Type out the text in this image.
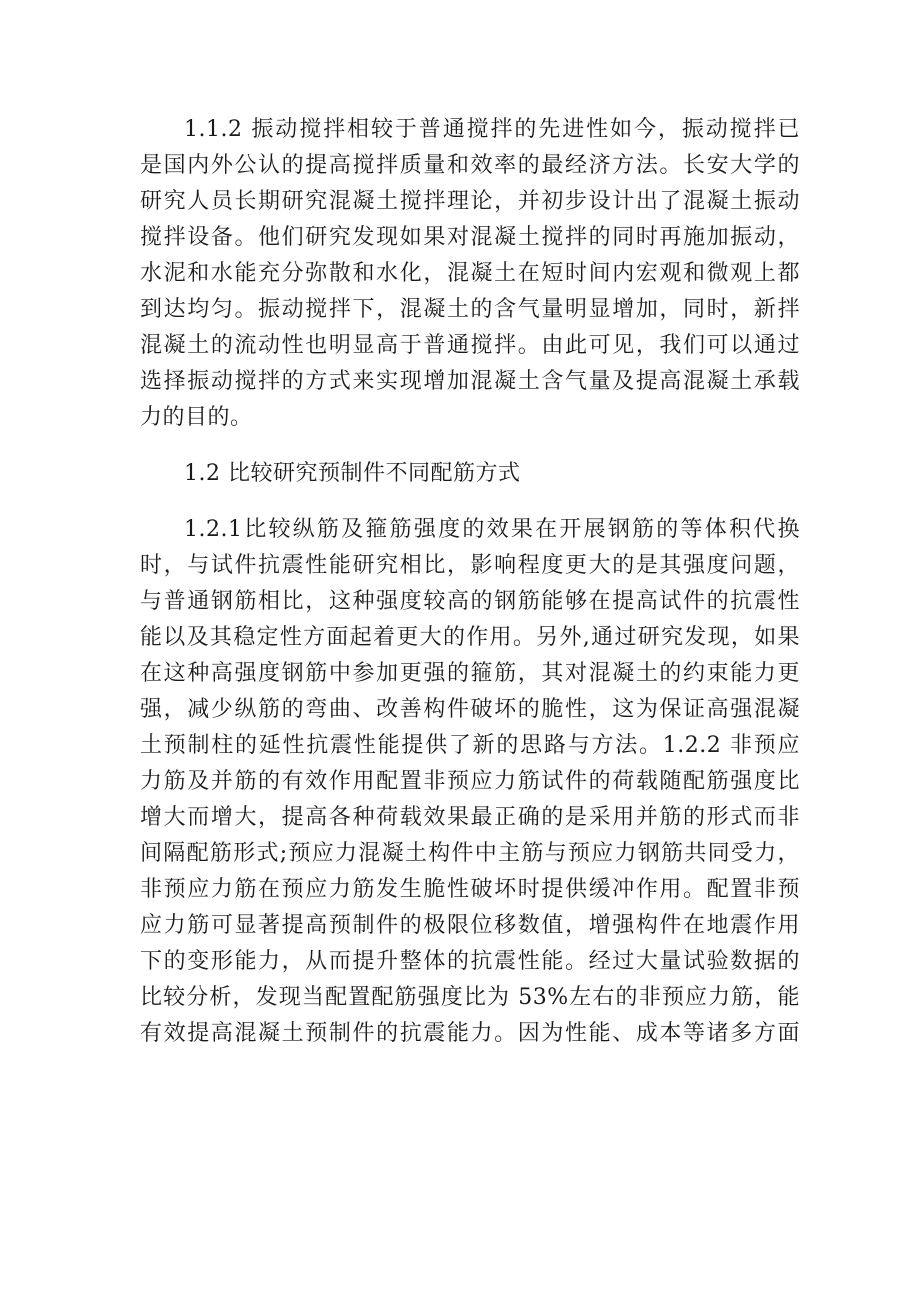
1.1.2 振动搅拌相较于普通搅拌的先进性如今，振动搅拌已
是国内外公认的提高搅拌质量和效率的最经济方法。长安大学的
研究人员长期研究混凝土搅拌理论，并初步设计出了混凝土振动
搅拌设备。他们研究发现如果对混凝土搅拌的同时再施加振动，
水泥和水能充分弥散和水化，混凝土在短时间内宏观和微观上都
到达均匀。振动搅拌下，混凝土的含气量明显增加，同时，新拌
混凝土的流动性也明显高于普通搅拌。由此可见，我们可以通过
选择振动搅拌的方式来实现增加混凝土含气量及提高混凝土承载
力的目的。
1.2 比较研究预制件不同配筋方式
1.2.1比较纵筋及箍筋强度的效果在开展钢筋的等体积代换
时，与试件抗震性能研究相比，影响程度更大的是其强度问题，
与普通钢筋相比，这种强度较高的钢筋能够在提高试件的抗震性
能以及其稳定性方面起着更大的作用。另外,通过研究发现，如果
在这种高强度钢筋中参加更强的箍筋，其对混凝土的约束能力更
强，减少纵筋的弯曲、改善构件破坏的脆性，这为保证高强混凝
土预制柱的延性抗震性能提供了新的思路与方法。1.2.2 非预应
力筋及并筋的有效作用配置非预应力筋试件的荷载随配筋强度比
增大而增大，提高各种荷载效果最正确的是采用并筋的形式而非
间隔配筋形式;预应力混凝土构件中主筋与预应力钢筋共同受力，
非预应力筋在预应力筋发生脆性破坏时提供缓冲作用。配置非预
应力筋可显著提高预制件的极限位移数值，增强构件在地震作用
下的变形能力，从而提升整体的抗震性能。经过大量试验数据的
比较分析，发现当配置配筋强度比为 53%左右的非预应力筋，能
有效提高混凝土预制件的抗震能力。因为性能、成本等诸多方面
